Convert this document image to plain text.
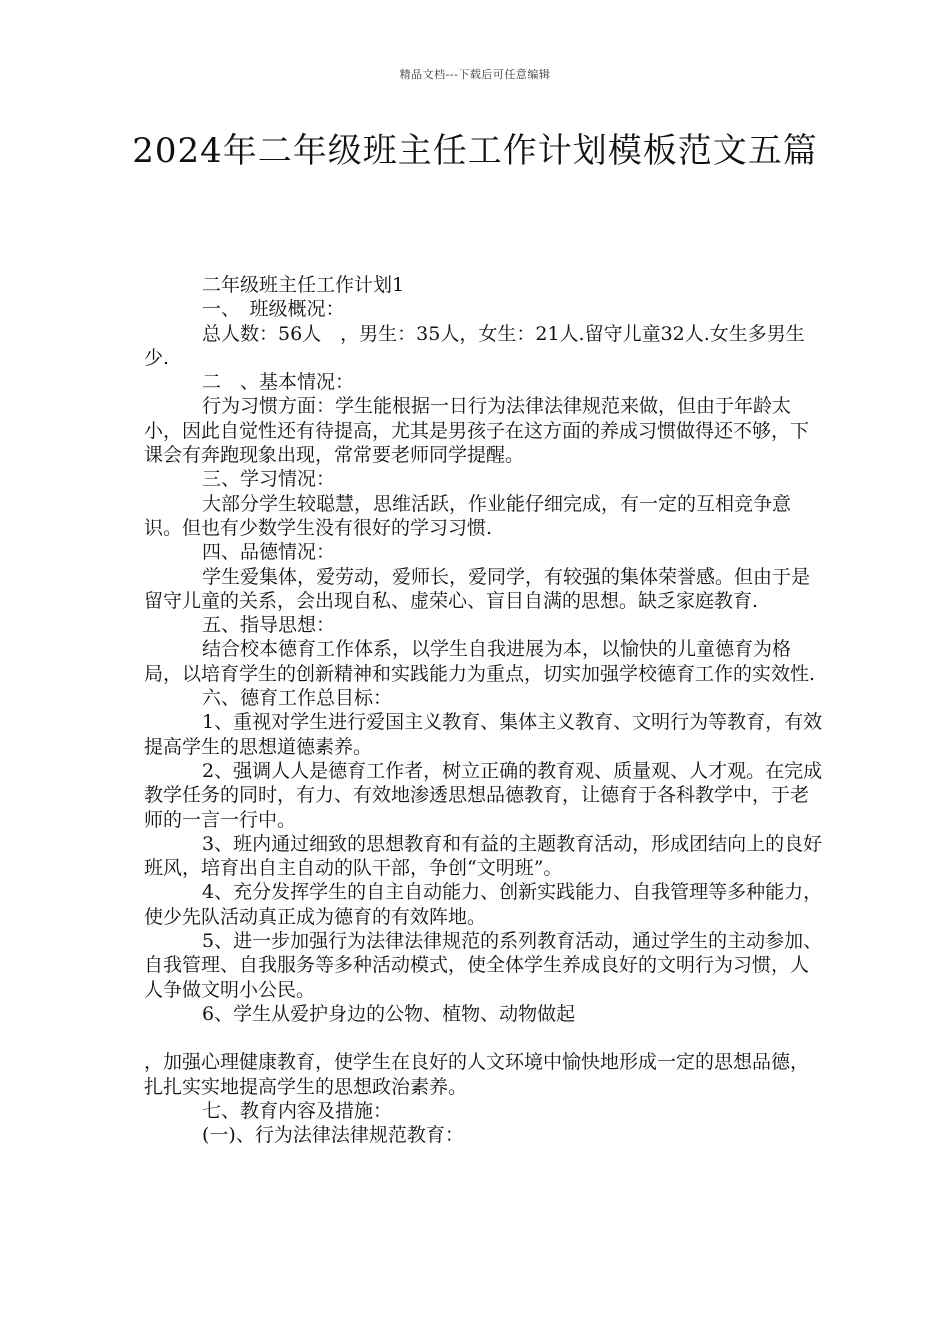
精品文档---下载后可任意编辑
2024年二年级班主任工作计划模板范文五篇

二年级班主任工作计划1

一、　班级概况：

总人数：56人　，男生：35人，女生：21人.留守儿童32人.女生多男生少.

二　、基本情况：

行为习惯方面：学生能根据一日行为法律法律规范来做，但由于年龄太小，因此自觉性还有待提高，尤其是男孩子在这方面的养成习惯做得还不够，下课会有奔跑现象出现，常常要老师同学提醒。

三、学习情况：

大部分学生较聪慧，思维活跃，作业能仔细完成，有一定的互相竞争意识。但也有少数学生没有很好的学习习惯.

四、品德情况：

学生爱集体，爱劳动，爱师长，爱同学，有较强的集体荣誉感。但由于是留守儿童的关系，会出现自私、虚荣心、盲目自满的思想。缺乏家庭教育.

五、指导思想：

结合校本德育工作体系，以学生自我进展为本，以愉快的儿童德育为格局，以培育学生的创新精神和实践能力为重点，切实加强学校德育工作的实效性.

六、德育工作总目标：

1、重视对学生进行爱国主义教育、集体主义教育、文明行为等教育，有效提高学生的思想道德素养。

2、强调人人是德育工作者，树立正确的教育观、质量观、人才观。在完成教学任务的同时，有力、有效地渗透思想品德教育，让德育于各科教学中，于老师的一言一行中。

3、班内通过细致的思想教育和有益的主题教育活动，形成团结向上的良好班风，培育出自主自动的队干部，争创“文明班”。

4、充分发挥学生的自主自动能力、创新实践能力、自我管理等多种能力，使少先队活动真正成为德育的有效阵地。

5、进一步加强行为法律法律规范的系列教育活动，通过学生的主动参加、自我管理、自我服务等多种活动模式，使全体学生养成良好的文明行为习惯，人人争做文明小公民。

6、学生从爱护身边的公物、植物、动物做起

，加强心理健康教育，使学生在良好的人文环境中愉快地形成一定的思想品德，扎扎实实地提高学生的思想政治素养。

七、教育内容及措施：

(一)、行为法律法律规范教育：
